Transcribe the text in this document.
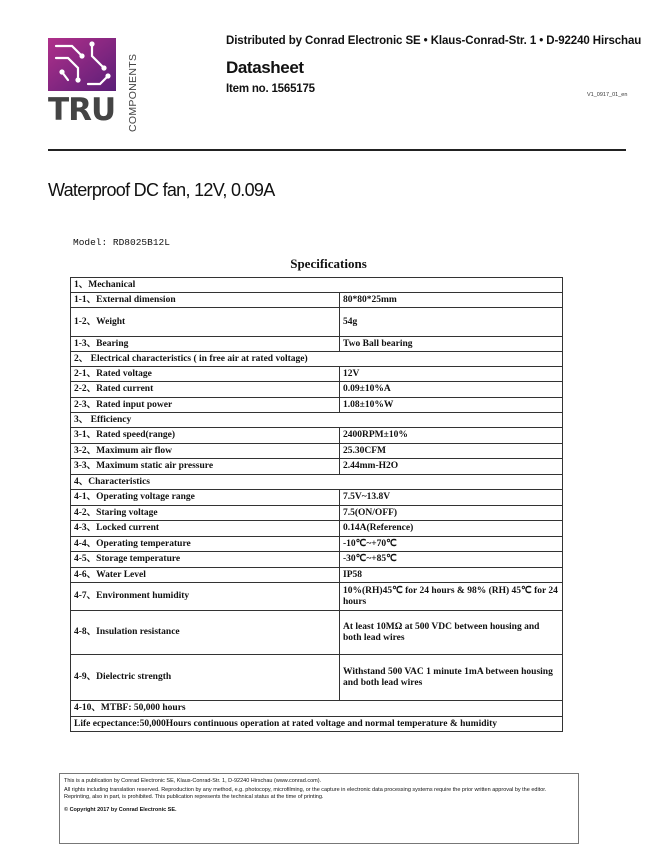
TRU COMPONENTS
Distributed by Conrad Electronic SE • Klaus-Conrad-Str. 1 • D-92240 Hirschau
Datasheet
Item no. 1565175	V1_0917_01_en
Waterproof DC fan, 12V, 0.09A
Model: RD8025B12L
Specifications
1、Mechanical	
1-1、External dimension	80*80*25mm
1-2、Weight	54g
1-3、Bearing	Two Ball bearing
2、 Electrical characteristics ( in free air at rated voltage)	
2-1、Rated voltage	12V
2-2、Rated current	0.09±10%A
2-3、Rated input power	1.08±10%W
3、 Efficiency	
3-1、Rated speed(range)	2400RPM±10%
3-2、Maximum air flow	25.30CFM
3-3、Maximum static air pressure	2.44mm-H2O
4、Characteristics	
4-1、Operating voltage range	7.5V~13.8V
4-2、Staring voltage	7.5(ON/OFF)
4-3、Locked current	0.14A(Reference)
4-4、Operating temperature	-10℃~+70℃
4-5、Storage temperature	-30℃~+85℃
4-6、Water Level	IP58
4-7、Environment humidity	10%(RH)45℃ for 24 hours & 98% (RH) 45℃ for 24 hours
4-8、Insulation resistance	At least 10MΩ at 500 VDC between housing and both lead wires
4-9、Dielectric strength	Withstand 500 VAC 1 minute 1mA between housing and both lead wires
4-10、MTBF: 50,000 hours	
Life ecpectance:50,000Hours continuous operation at rated voltage and normal temperature & humidity	
This is a publication by Conrad Electronic SE, Klaus-Conrad-Str. 1, D-92240 Hirschau (www.conrad.com).
All rights including translation reserved. Reproduction by any method, e.g. photocopy, microfilming, or the capture in electronic data processing systems require the prior written approval by the editor. Reprinting, also in part, is prohibited. This publication represents the technical status at the time of printing.
© Copyright 2017 by Conrad Electronic SE.
